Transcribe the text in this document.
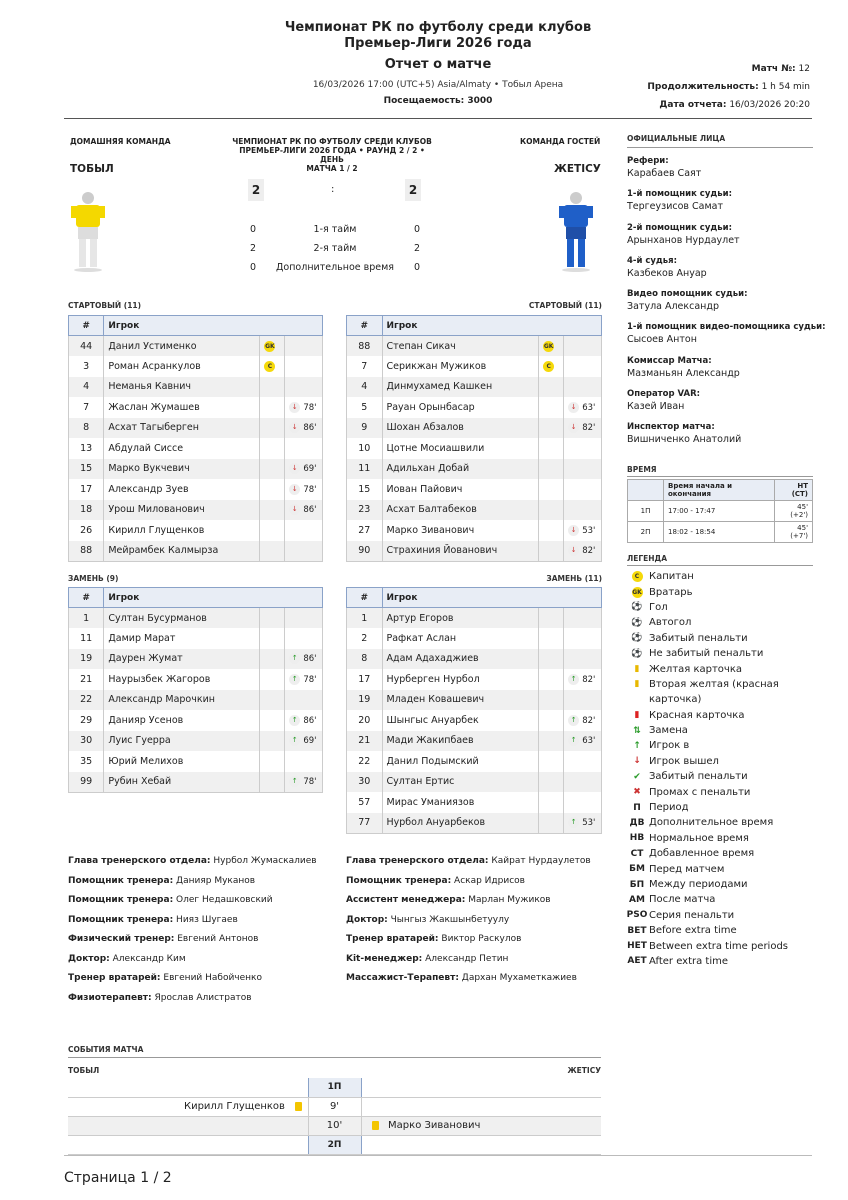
Чемпионат РК по футболу среди клубов
Премьер-Лиги 2026 года
Отчет о матче
16/03/2026 17:00 (UTC+5) Asia/Almaty • Тобыл Арена
Посещаемость: 3000
Матч №: 12
Продолжительность: 1 h 54 min
Дата отчета: 16/03/2026 20:20
ДОМАШНЯЯ КОМАНДА	КОМАНДА ГОСТЕЙ
ЧЕМПИОНАТ РК ПО ФУТБОЛУ СРЕДИ КЛУБОВ
ПРЕМЬЕР-ЛИГИ 2026 ГОДА • РАУНД 2 / 2 • ДЕНЬ
МАТЧА 1 / 2
ТОБЫЛ	ЖЕТІСУ
2	:	2
0	1-я тайм	0
2	2-я тайм	2
0	Дополнительное время	0
СТАРТОВЫЙ (11)	СТАРТОВЫЙ (11)
#	Игрок		
44	Данил Устименко	GK	
3	Роман Асранкулов	C	
4	Неманья Кавнич		
7	Жаслан Жумашев		↓ 78'
8	Асхат Тагыберген		↓ 86'
13	Абдулай Сиссе		
15	Марко Вукчевич		↓ 69'
17	Александр Зуев		↓ 78'
18	Урош Милованович		↓ 86'
26	Кирилл Глущенков		
88	Мейрамбек Калмырза		
#	Игрок		
88	Степан Сикач	GK	
7	Серикжан Мужиков	C	
4	Динмухамед Кашкен		
5	Рауан Орынбасар		↓ 63'
9	Шохан Абзалов		↓ 82'
10	Цотне Мосиашвили		
11	Адильхан Добай		
15	Иован Пайович		
23	Асхат Балтабеков		
27	Марко Зиванович		↓ 53'
90	Страхиния Йованович		↓ 82'
ЗАМЕНЬ (9)	ЗАМЕНЬ (11)
#	Игрок		
1	Султан Бусурманов		
11	Дамир Марат		
19	Даурен Жумат		↑ 86'
21	Наурызбек Жагоров		↑ 78'
22	Александр Марочкин		
29	Данияр Усенов		↑ 86'
30	Луис Гуерра		↑ 69'
35	Юрий Мелихов		
99	Рубин Хебай		↑ 78'
#	Игрок		
1	Артур Егоров		
2	Рафкат Аслан		
8	Адам Адахаджиев		
17	Нурберген Нурбол		↑ 82'
19	Младен Ковашевич		
20	Шынгыс Ануарбек		↑ 82'
21	Мади Жакипбаев		↑ 63'
22	Данил Подымский		
30	Султан Ертис		
57	Мирас Уманиязов		
77	Нурбол Ануарбеков		↑ 53'
ОФИЦИАЛЬНЫЕ ЛИЦА
Рефери:
Карабаев Саят
1-й помощник судьи:
Тергеузисов Самат
2-й помощник судьи:
Арынханов Нурдаулет
4-й судья:
Казбеков Ануар
Видео помощник судьи:
Затула Александр
1-й помощник видео-помощника судьи:
Сысоев Антон
Комиссар Матча:
Мазманьян Александр
Оператор VAR:
Казей Иван
Инспектор матча:
Вишниченко Анатолий
ВРЕМЯ
	Время начала и окончания	НТ (СТ)
1П	17:00 - 17:47	45' (+2')
2П	18:02 - 18:54	45' (+7')
ЛЕГЕНДА
C Капитан
GK Вратарь
⚽ Гол
⚽ Автогол
⚽ Забитый пенальти
⚽ Не забитый пенальти
▮ Желтая карточка
▮ Вторая желтая (красная
карточка)
▮ Красная карточка
⇅ Замена
↑ Игрок в
↓ Игрок вышел
✔ Забитый пенальти
✖ Промах с пенальти
П Период
ДВ Дополнительное время
НВ Нормальное время
СТ Добавленное время
БМ Перед матчем
БП Между периодами
АМ После матча
PSO Серия пенальти
BET Before extra time
HET Between extra time periods
AET After extra time
Глава тренерского отдела: Нурбол Жумаскалиев
Помощник тренера: Данияр Муканов
Помощник тренера: Олег Недашковский
Помощник тренера: Нияз Шугаев
Физический тренер: Евгений Антонов
Доктор: Александр Ким
Тренер вратарей: Евгений Набойченко
Физиотерапевт: Ярослав Алистратов
Глава тренерского отдела: Кайрат Нурдаулетов
Помощник тренера: Аскар Идрисов
Ассистент менеджера: Марлан Мужиков
Доктор: Чынгыз Жакшынбетуулу
Тренер вратарей: Виктор Раскулов
Kit-менеджер: Александр Петин
Массажист-Терапевт: Дархан Мухаметкажиев
СОБЫТИЯ МАТЧА
ТОБЫЛ	ЖЕТІСУ
	1П	
Кирилл Глущенков	9'	
	10'	Марко Зиванович
	2П	
Страница 1 / 2
